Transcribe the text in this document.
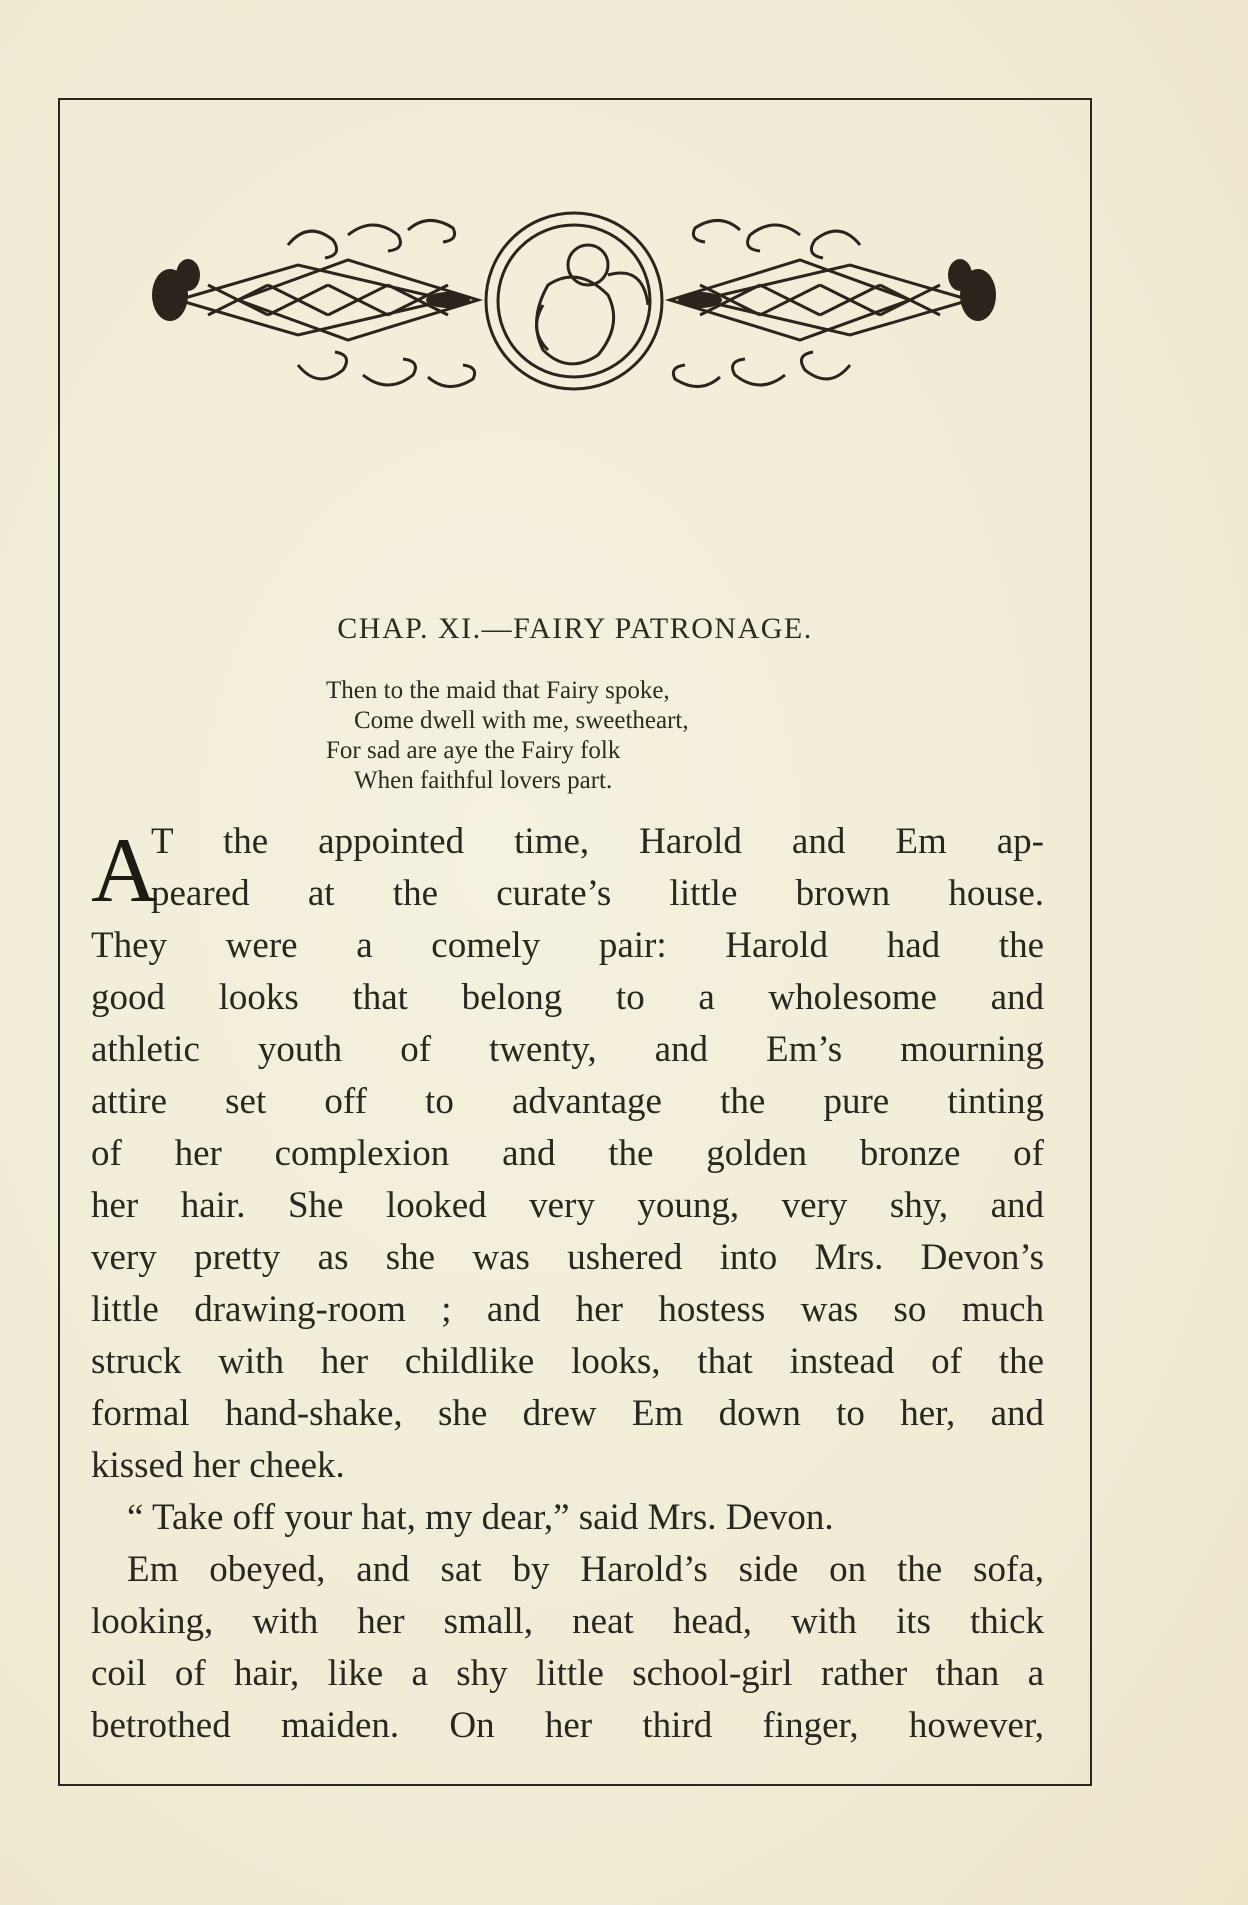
CHAP. XI.—FAIRY PATRONAGE.
Then to the maid that Fairy spoke,
Come dwell with me, sweetheart,
For sad are aye the Fairy folk
When faithful lovers part.
A

T the appointed time, Harold and Em ap-

peared at the curate’s little brown house.

They were a comely pair: Harold had the

good looks that belong to a wholesome and

athletic youth of twenty, and Em’s mourning

attire set off to advantage the pure tinting

of her complexion and the golden bronze of

her hair. She looked very young, very shy, and

very pretty as she was ushered into Mrs. Devon’s

little drawing-room ; and her hostess was so much

struck with her childlike looks, that instead of the

formal hand-shake, she drew Em down to her, and

kissed her cheek.

“ Take off your hat, my dear,” said Mrs. Devon.

Em obeyed, and sat by Harold’s side on the sofa,

looking, with her small, neat head, with its thick

coil of hair, like a shy little school-girl rather than a

betrothed maiden. On her third finger, however,
